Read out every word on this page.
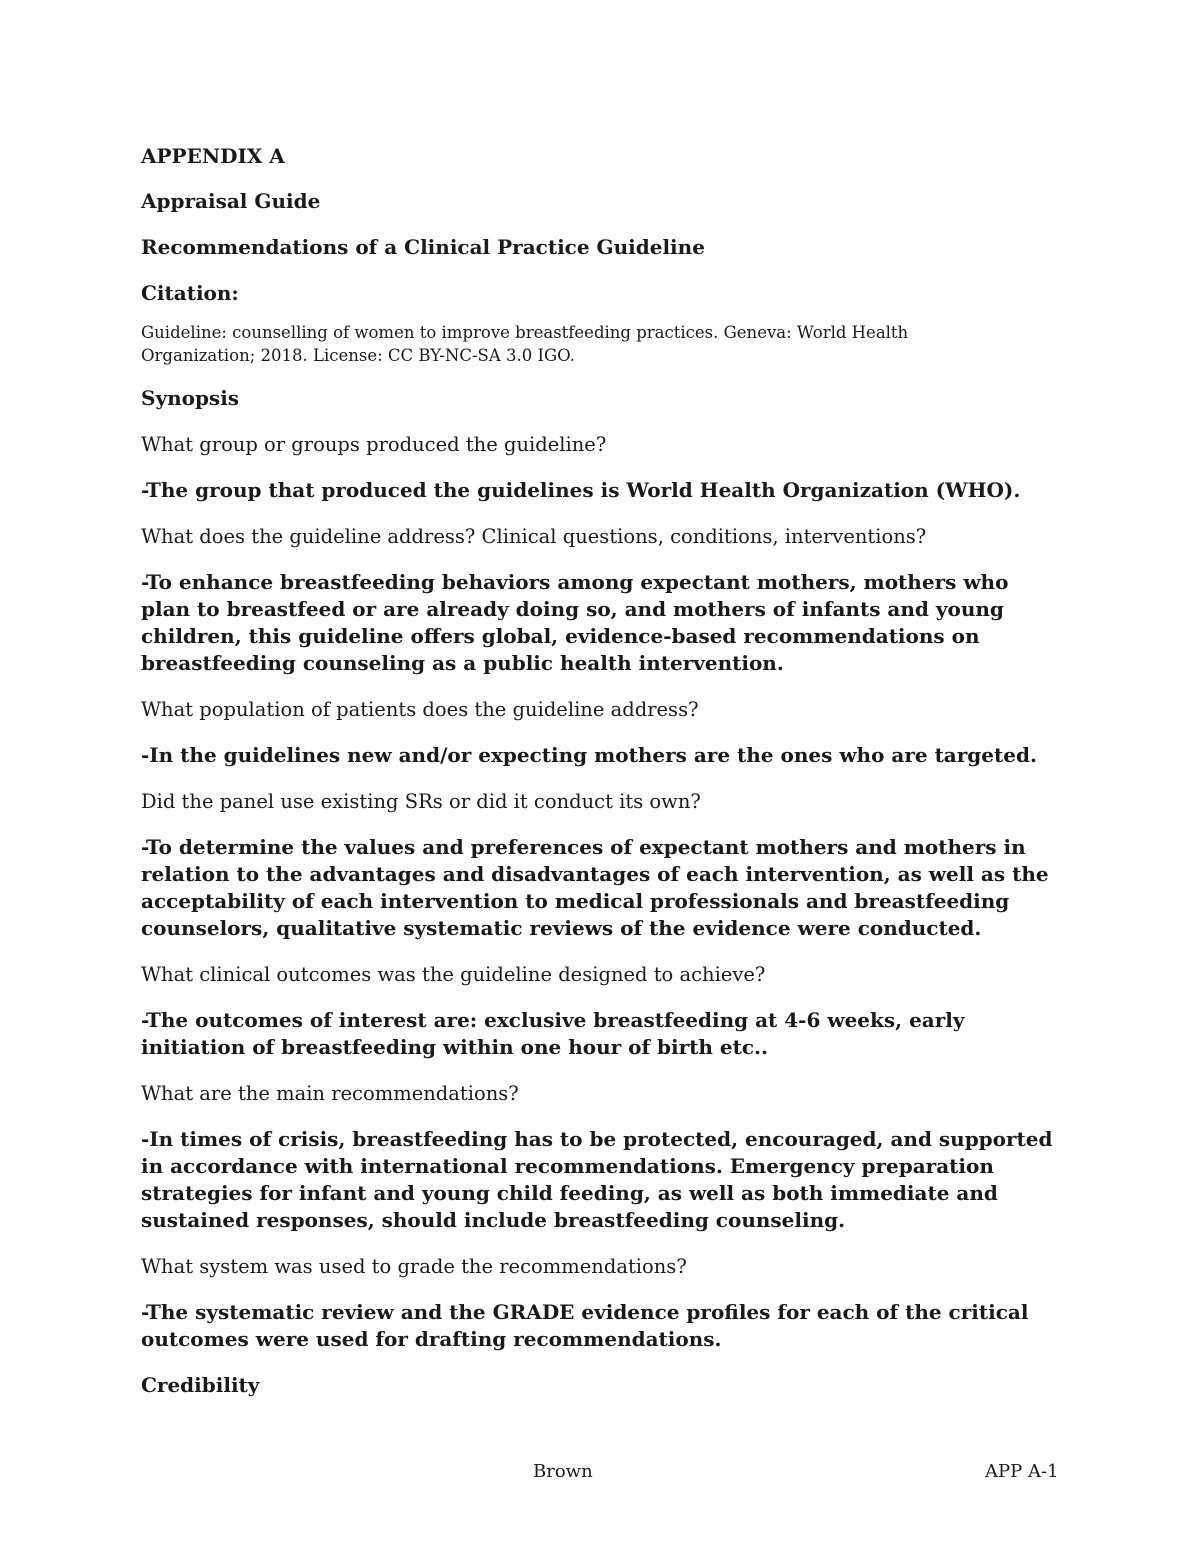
APPENDIX A
Appraisal Guide
Recommendations of a Clinical Practice Guideline
Citation:
Guideline: counselling of women to improve breastfeeding practices. Geneva: World Health
Organization; 2018. License: CC BY-NC-SA 3.0 IGO.
Synopsis
What group or groups produced the guideline?
-The group that produced the guidelines is World Health Organization (WHO).
What does the guideline address? Clinical questions, conditions, interventions?
-To enhance breastfeeding behaviors among expectant mothers, mothers who plan to breastfeed or are already doing so, and mothers of infants and young children, this guideline offers global, evidence-based recommendations on breastfeeding counseling as a public health intervention.
What population of patients does the guideline address?
-In the guidelines new and/or expecting mothers are the ones who are targeted.
Did the panel use existing SRs or did it conduct its own?
-To determine the values and preferences of expectant mothers and mothers in relation to the advantages and disadvantages of each intervention, as well as the acceptability of each intervention to medical professionals and breastfeeding counselors, qualitative systematic reviews of the evidence were conducted.
What clinical outcomes was the guideline designed to achieve?
-The outcomes of interest are: exclusive breastfeeding at 4-6 weeks, early initiation of breastfeeding within one hour of birth etc..
What are the main recommendations?
-In times of crisis, breastfeeding has to be protected, encouraged, and supported in accordance with international recommendations. Emergency preparation strategies for infant and young child feeding, as well as both immediate and sustained responses, should include breastfeeding counseling.
What system was used to grade the recommendations?
-The systematic review and the GRADE evidence profiles for each of the critical outcomes were used for drafting recommendations.
Credibility
Brown	APP A-1
